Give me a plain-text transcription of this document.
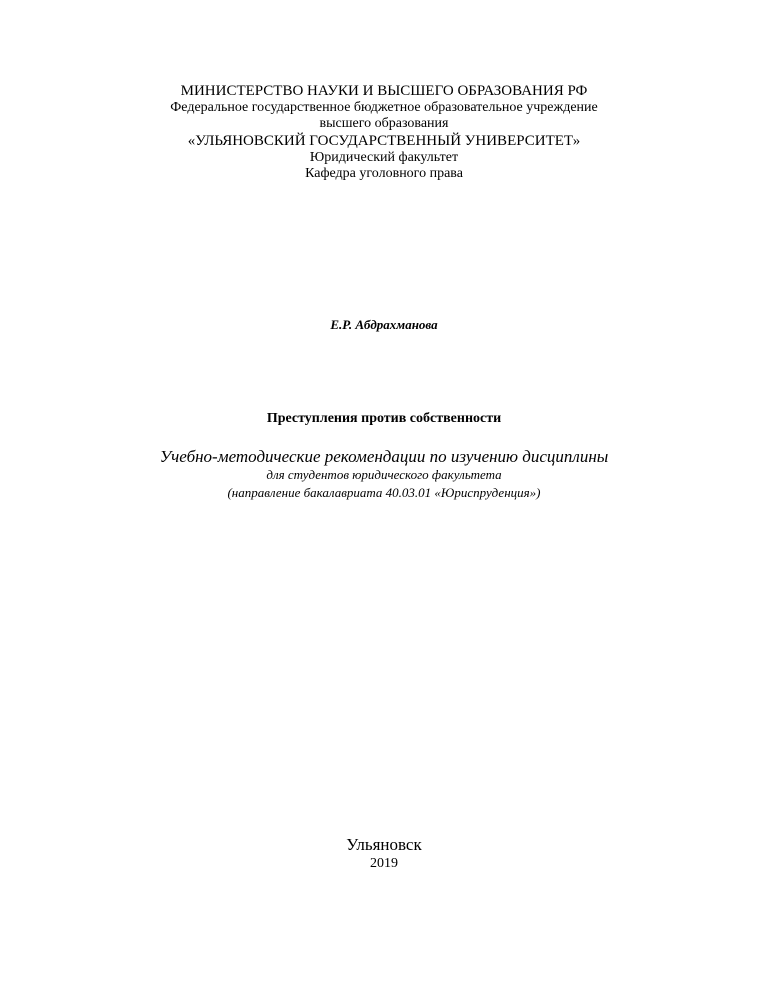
МИНИСТЕРСТВО НАУКИ И ВЫСШЕГО ОБРАЗОВАНИЯ РФ
Федеральное государственное бюджетное образовательное учреждение
высшего образования
«УЛЬЯНОВСКИЙ ГОСУДАРСТВЕННЫЙ УНИВЕРСИТЕТ»
Юридический факультет
Кафедра уголовного права
Е.Р. Абдрахманова
Преступления против собственности
Учебно-методические рекомендации по изучению дисциплины
для студентов юридического факультета
(направление бакалавриата 40.03.01 «Юриспруденция»)
Ульяновск
2019
